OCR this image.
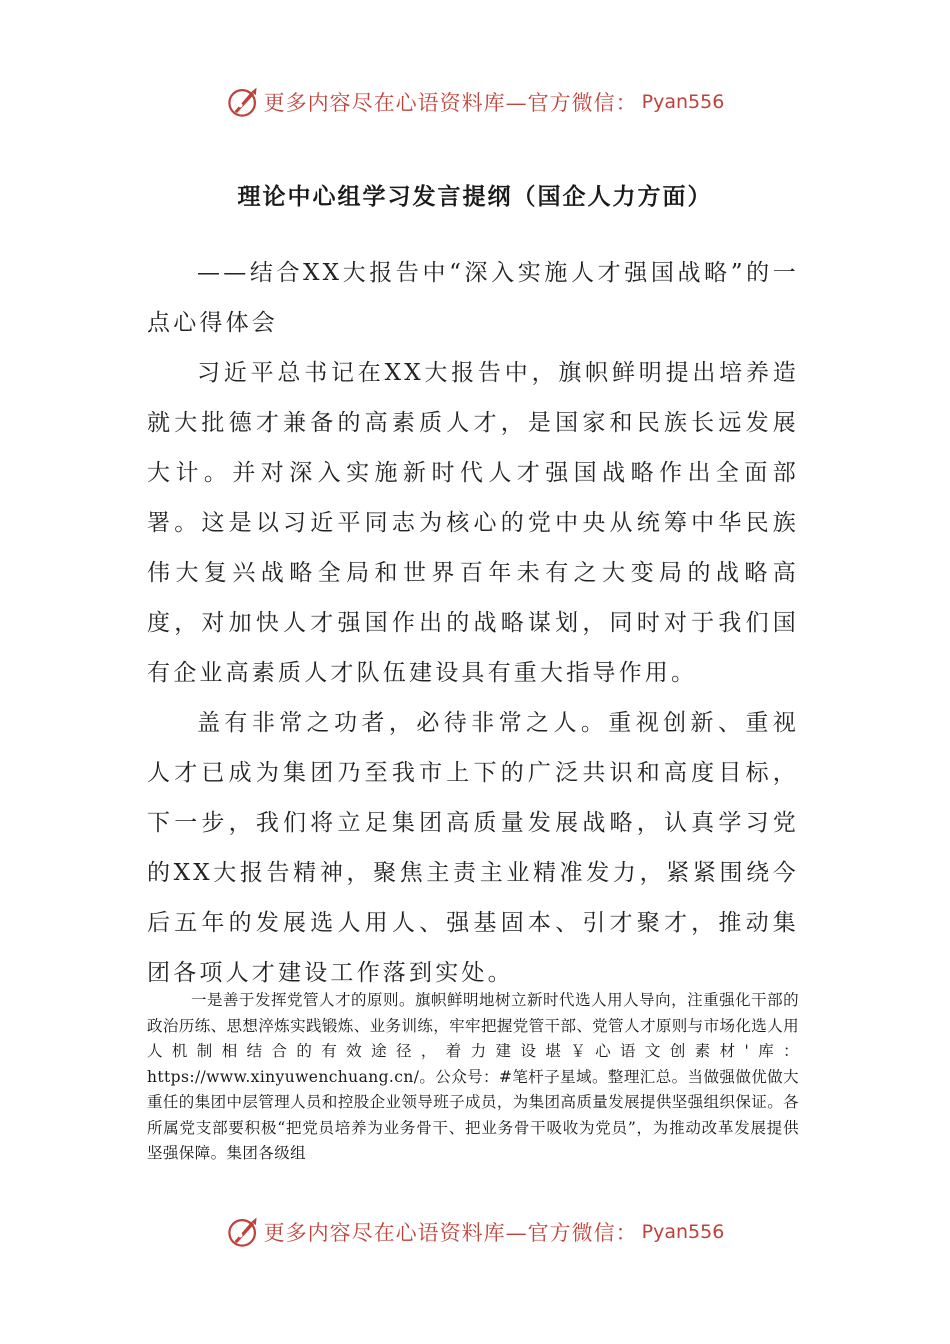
更多内容尽在心语资料库—官方微信： Pyan556
理论中心组学习发言提纲（国企人力方面）

——结合XX大报告中“深入实施人才强国战略”的一点心得体会

习近平总书记在XX大报告中，旗帜鲜明提出培养造就大批德才兼备的高素质人才，是国家和民族长远发展大计。并对深入实施新时代人才强国战略作出全面部署。这是以习近平同志为核心的党中央从统筹中华民族伟大复兴战略全局和世界百年未有之大变局的战略高度，对加快人才强国作出的战略谋划，同时对于我们国有企业高素质人才队伍建设具有重大指导作用。

盖有非常之功者，必待非常之人。重视创新、重视人才已成为集团乃至我市上下的广泛共识和高度目标，下一步，我们将立足集团高质量发展战略，认真学习党的XX大报告精神，聚焦主责主业精准发力，紧紧围绕今后五年的发展选人用人、强基固本、引才聚才，推动集团各项人才建设工作落到实处。

一是善于发挥党管人才的原则。旗帜鲜明地树立新时代选人用人导向，注重强化干部的政治历练、思想淬炼实践锻炼、业务训练，牢牢把握党管干部、党管人才原则与市场化选人用人机制相结合的有效途径，着力建设堪￥心语文创素材'库：https://www.xinyuwenchuang.cn/。公众号：#笔杆子星域。整理汇总。当做强做优做大重任的集团中层管理人员和控股企业领导班子成员，为集团高质量发展提供坚强组织保证。各所属党支部要积极“把党员培养为业务骨干、把业务骨干吸收为党员”，为推动改革发展提供坚强保障。集团各级组

更多内容尽在心语资料库—官方微信： Pyan556
